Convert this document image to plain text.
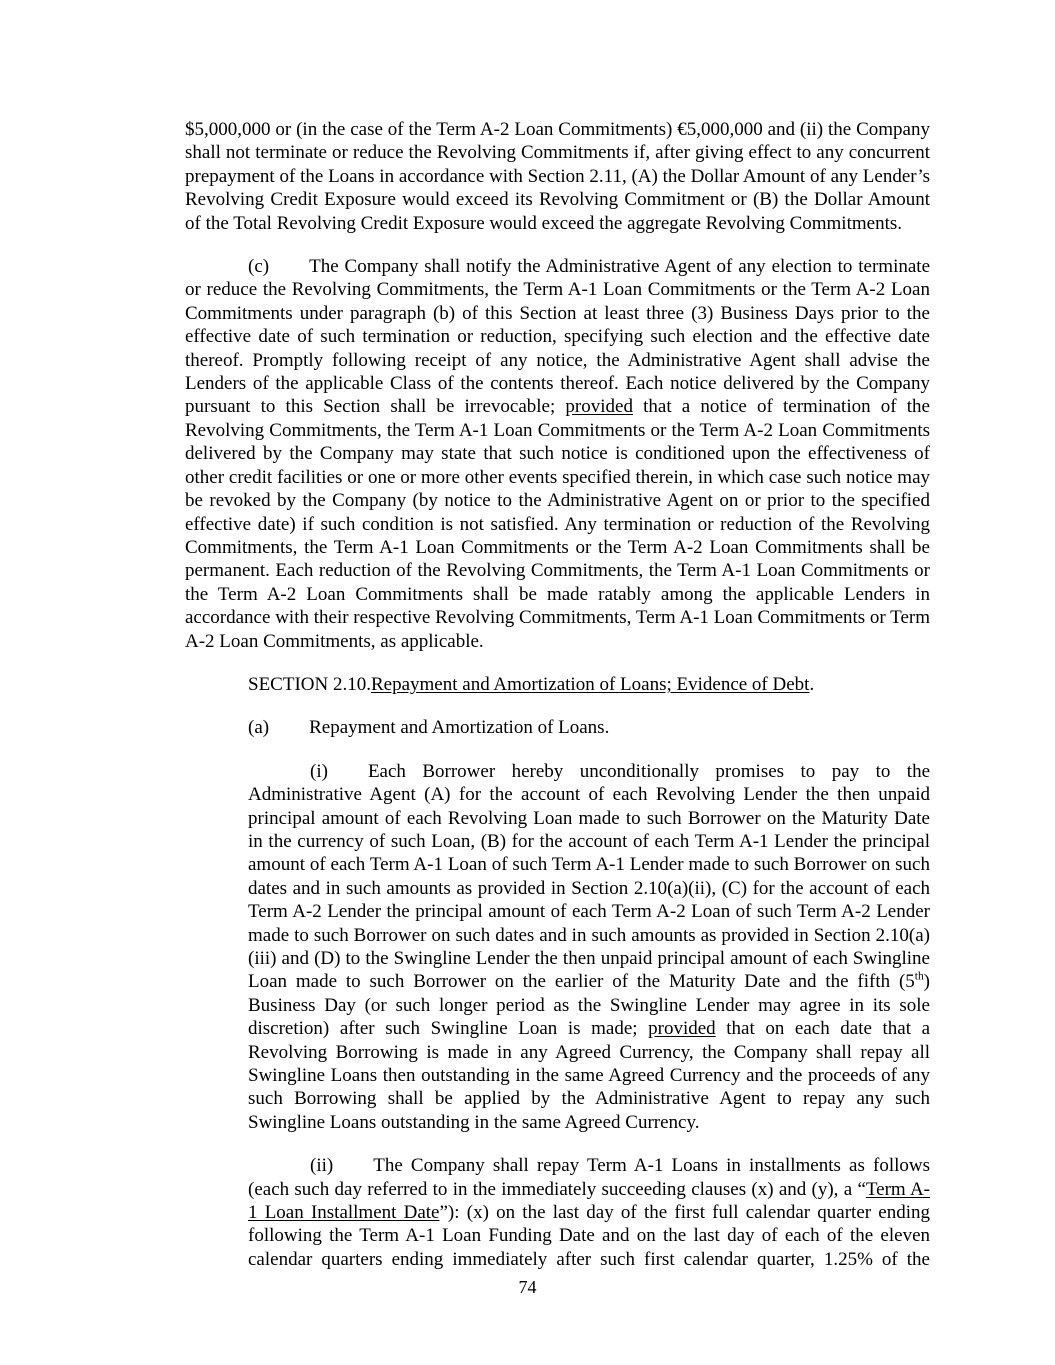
$5,000,000 or (in the case of the Term A-2 Loan Commitments) €5,000,000 and (ii) the Company shall not terminate or reduce the Revolving Commitments if, after giving effect to any concurrent prepayment of the Loans in accordance with Section 2.11, (A) the Dollar Amount of any Lender’s Revolving Credit Exposure would exceed its Revolving Commitment or (B) the Dollar Amount of the Total Revolving Credit Exposure would exceed the aggregate Revolving Commitments.

(c) The Company shall notify the Administrative Agent of any election to terminate or reduce the Revolving Commitments, the Term A-1 Loan Commitments or the Term A-2 Loan Commitments under paragraph (b) of this Section at least three (3) Business Days prior to the effective date of such termination or reduction, specifying such election and the effective date thereof. Promptly following receipt of any notice, the Administrative Agent shall advise the Lenders of the applicable Class of the contents thereof. Each notice delivered by the Company pursuant to this Section shall be irrevocable; provided that a notice of termination of the Revolving Commitments, the Term A-1 Loan Commitments or the Term A-2 Loan Commitments delivered by the Company may state that such notice is conditioned upon the effectiveness of other credit facilities or one or more other events specified therein, in which case such notice may be revoked by the Company (by notice to the Administrative Agent on or prior to the specified effective date) if such condition is not satisfied. Any termination or reduction of the Revolving Commitments, the Term A-1 Loan Commitments or the Term A-2 Loan Commitments shall be permanent. Each reduction of the Revolving Commitments, the Term A-1 Loan Commitments or the Term A-2 Loan Commitments shall be made ratably among the applicable Lenders in accordance with their respective Revolving Commitments, Term A-1 Loan Commitments or Term A-2 Loan Commitments, as applicable.

SECTION 2.10.Repayment and Amortization of Loans; Evidence of Debt.

(a) Repayment and Amortization of Loans.

(i) Each Borrower hereby unconditionally promises to pay to the Administrative Agent (A) for the account of each Revolving Lender the then unpaid principal amount of each Revolving Loan made to such Borrower on the Maturity Date in the currency of such Loan, (B) for the account of each Term A-1 Lender the principal amount of each Term A-1 Loan of such Term A-1 Lender made to such Borrower on such dates and in such amounts as provided in Section 2.10(a)(ii), (C) for the account of each Term A-2 Lender the principal amount of each Term A-2 Loan of such Term A-2 Lender made to such Borrower on such dates and in such amounts as provided in Section 2.10(a)(iii) and (D) to the Swingline Lender the then unpaid principal amount of each Swingline Loan made to such Borrower on the earlier of the Maturity Date and the fifth (5th) Business Day (or such longer period as the Swingline Lender may agree in its sole discretion) after such Swingline Loan is made; provided that on each date that a Revolving Borrowing is made in any Agreed Currency, the Company shall repay all Swingline Loans then outstanding in the same Agreed Currency and the proceeds of any such Borrowing shall be applied by the Administrative Agent to repay any such Swingline Loans outstanding in the same Agreed Currency.

(ii) The Company shall repay Term A-1 Loans in installments as follows (each such day referred to in the immediately succeeding clauses (x) and (y), a “Term A-1 Loan Installment Date”): (x) on the last day of the first full calendar quarter ending following the Term A-1 Loan Funding Date and on the last day of each of the eleven calendar quarters ending immediately after such first calendar quarter, 1.25% of the

74
